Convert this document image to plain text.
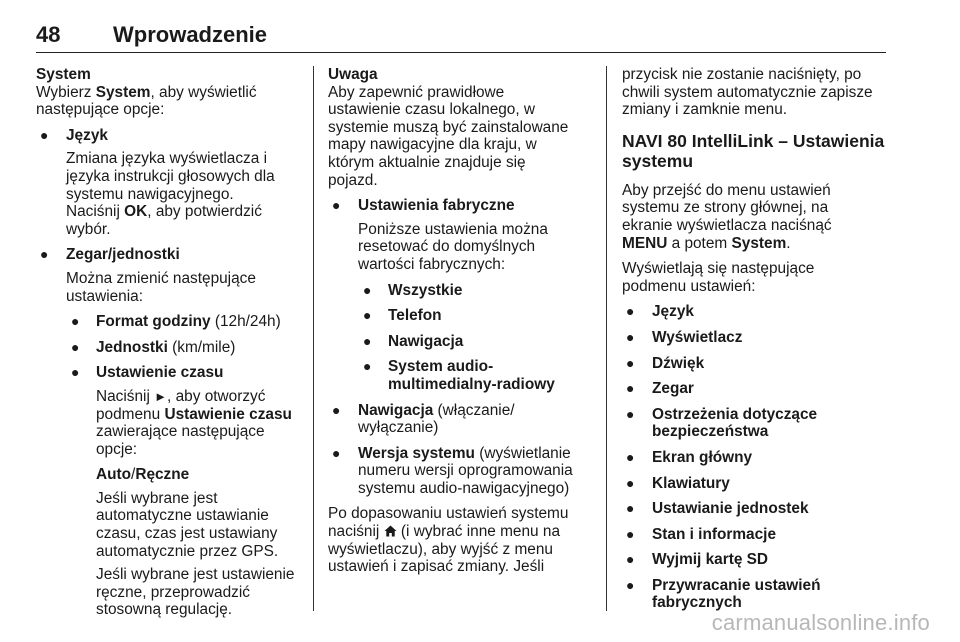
48 Wprowadzenie

System

Wybierz System, aby wyświetlić

następujące opcje:

● Język

Zmiana języka wyświetlacza i

języka instrukcji głosowych dla

systemu nawigacyjnego.

Naciśnij OK, aby potwierdzić

wybór.

● Zegar/jednostki

Można zmienić następujące

ustawienia:

● Format godziny (12h/24h)

● Jednostki (km/mile)

● Ustawienie czasu

Naciśnij ►, aby otworzyć

podmenu Ustawienie czasu

zawierające następujące

opcje:

Auto/Ręczne

Jeśli wybrane jest

automatyczne ustawianie

czasu, czas jest ustawiany

automatycznie przez GPS.

Jeśli wybrane jest ustawienie

ręczne, przeprowadzić

stosowną regulację.

Uwaga

Aby zapewnić prawidłowe

ustawienie czasu lokalnego, w

systemie muszą być zainstalowane

mapy nawigacyjne dla kraju, w

którym aktualnie znajduje się

pojazd.

● Ustawienia fabryczne

Poniższe ustawienia można

resetować do domyślnych

wartości fabrycznych:

● Wszystkie

● Telefon

● Nawigacja

● System audio-

multimedialny-radiowy

● Nawigacja (włączanie/

wyłączanie)

● Wersja systemu (wyświetlanie

numeru wersji oprogramowania

systemu audio-nawigacyjnego)

Po dopasowaniu ustawień systemu

naciśnij  (i wybrać inne menu na

wyświetlaczu), aby wyjść z menu

ustawień i zapisać zmiany. Jeśli

przycisk nie zostanie naciśnięty, po

chwili system automatycznie zapisze

zmiany i zamknie menu.

NAVI 80 IntelliLink – Ustawienia

systemu

Aby przejść do menu ustawień

systemu ze strony głównej, na

ekranie wyświetlacza naciśnąć

MENU a potem System.

Wyświetlają się następujące

podmenu ustawień:

● Język

● Wyświetlacz

● Dźwięk

● Zegar

● Ostrzeżenia dotyczące

bezpieczeństwa

● Ekran główny

● Klawiatury

● Ustawianie jednostek

● Stan i informacje

● Wyjmij kartę SD

● Przywracanie ustawień

fabrycznych

carmanualsonline.info
